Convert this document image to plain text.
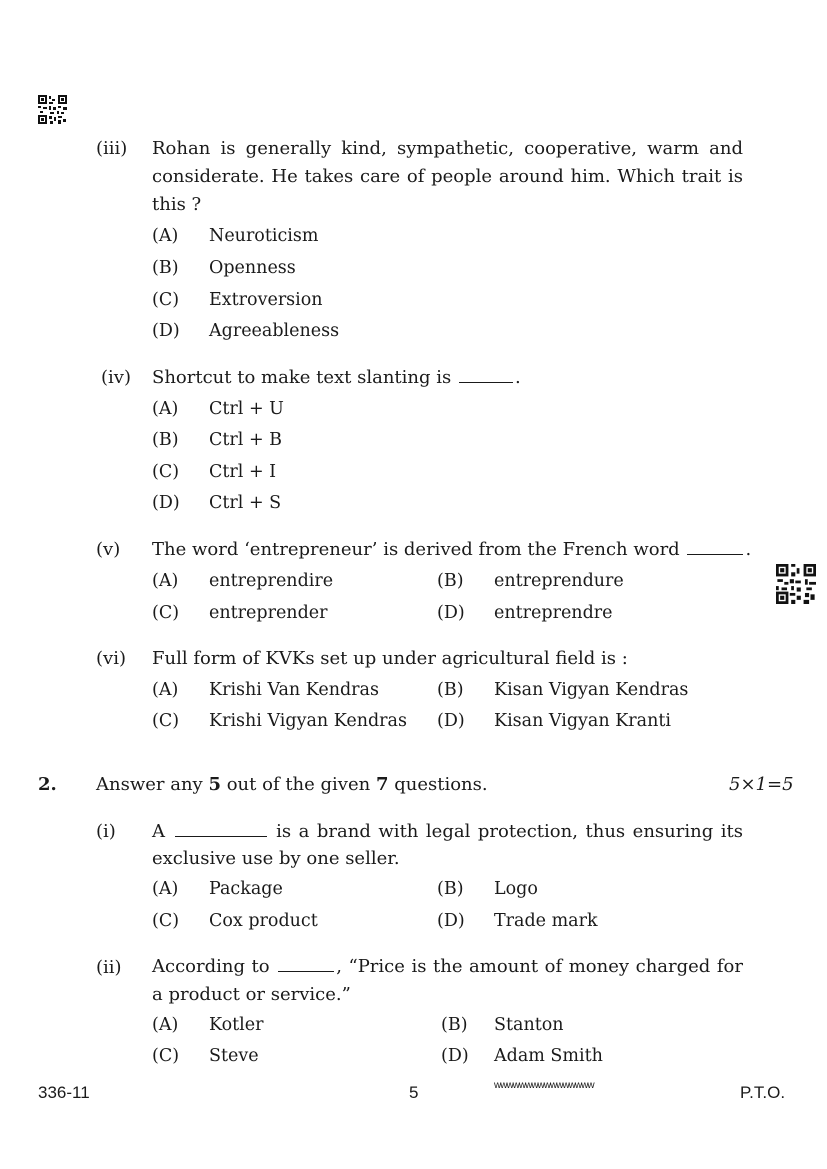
(iii) Rohan is generally kind, sympathetic, cooperative, warm and considerate. He takes care of people around him. Which trait is this ?
(A) Neuroticism
(B) Openness
(C) Extroversion
(D) Agreeableness
(iv) Shortcut to make text slanting is	.
(A) Ctrl + U
(B) Ctrl + B
(C) Ctrl + I
(D) Ctrl + S
(v) The word ‘entrepreneur’ is derived from the French word	.
(A) entreprendire	(B) entreprendure
(C) entreprender	(D) entreprendre
(vi) Full form of KVKs set up under agricultural field is :
(A) Krishi Van Kendras	(B) Kisan Vigyan Kendras
(C) Krishi Vigyan Kendras (D) Kisan Vigyan Kranti
2. Answer any 5 out of the given 7 questions.	5×1=5
(i) A	is a brand with legal protection, thus ensuring its exclusive use by one seller.
(A) Package	(B) Logo
(C) Cox product	(D) Trade mark
(ii) According to	, “Price is the amount of money charged for a product or service.”
(A) Kotler	(B) Stanton
(C) Steve	(D) Adam Smith
336-11	5	wwwwwwwwwwwwwwww	P.T.O.
